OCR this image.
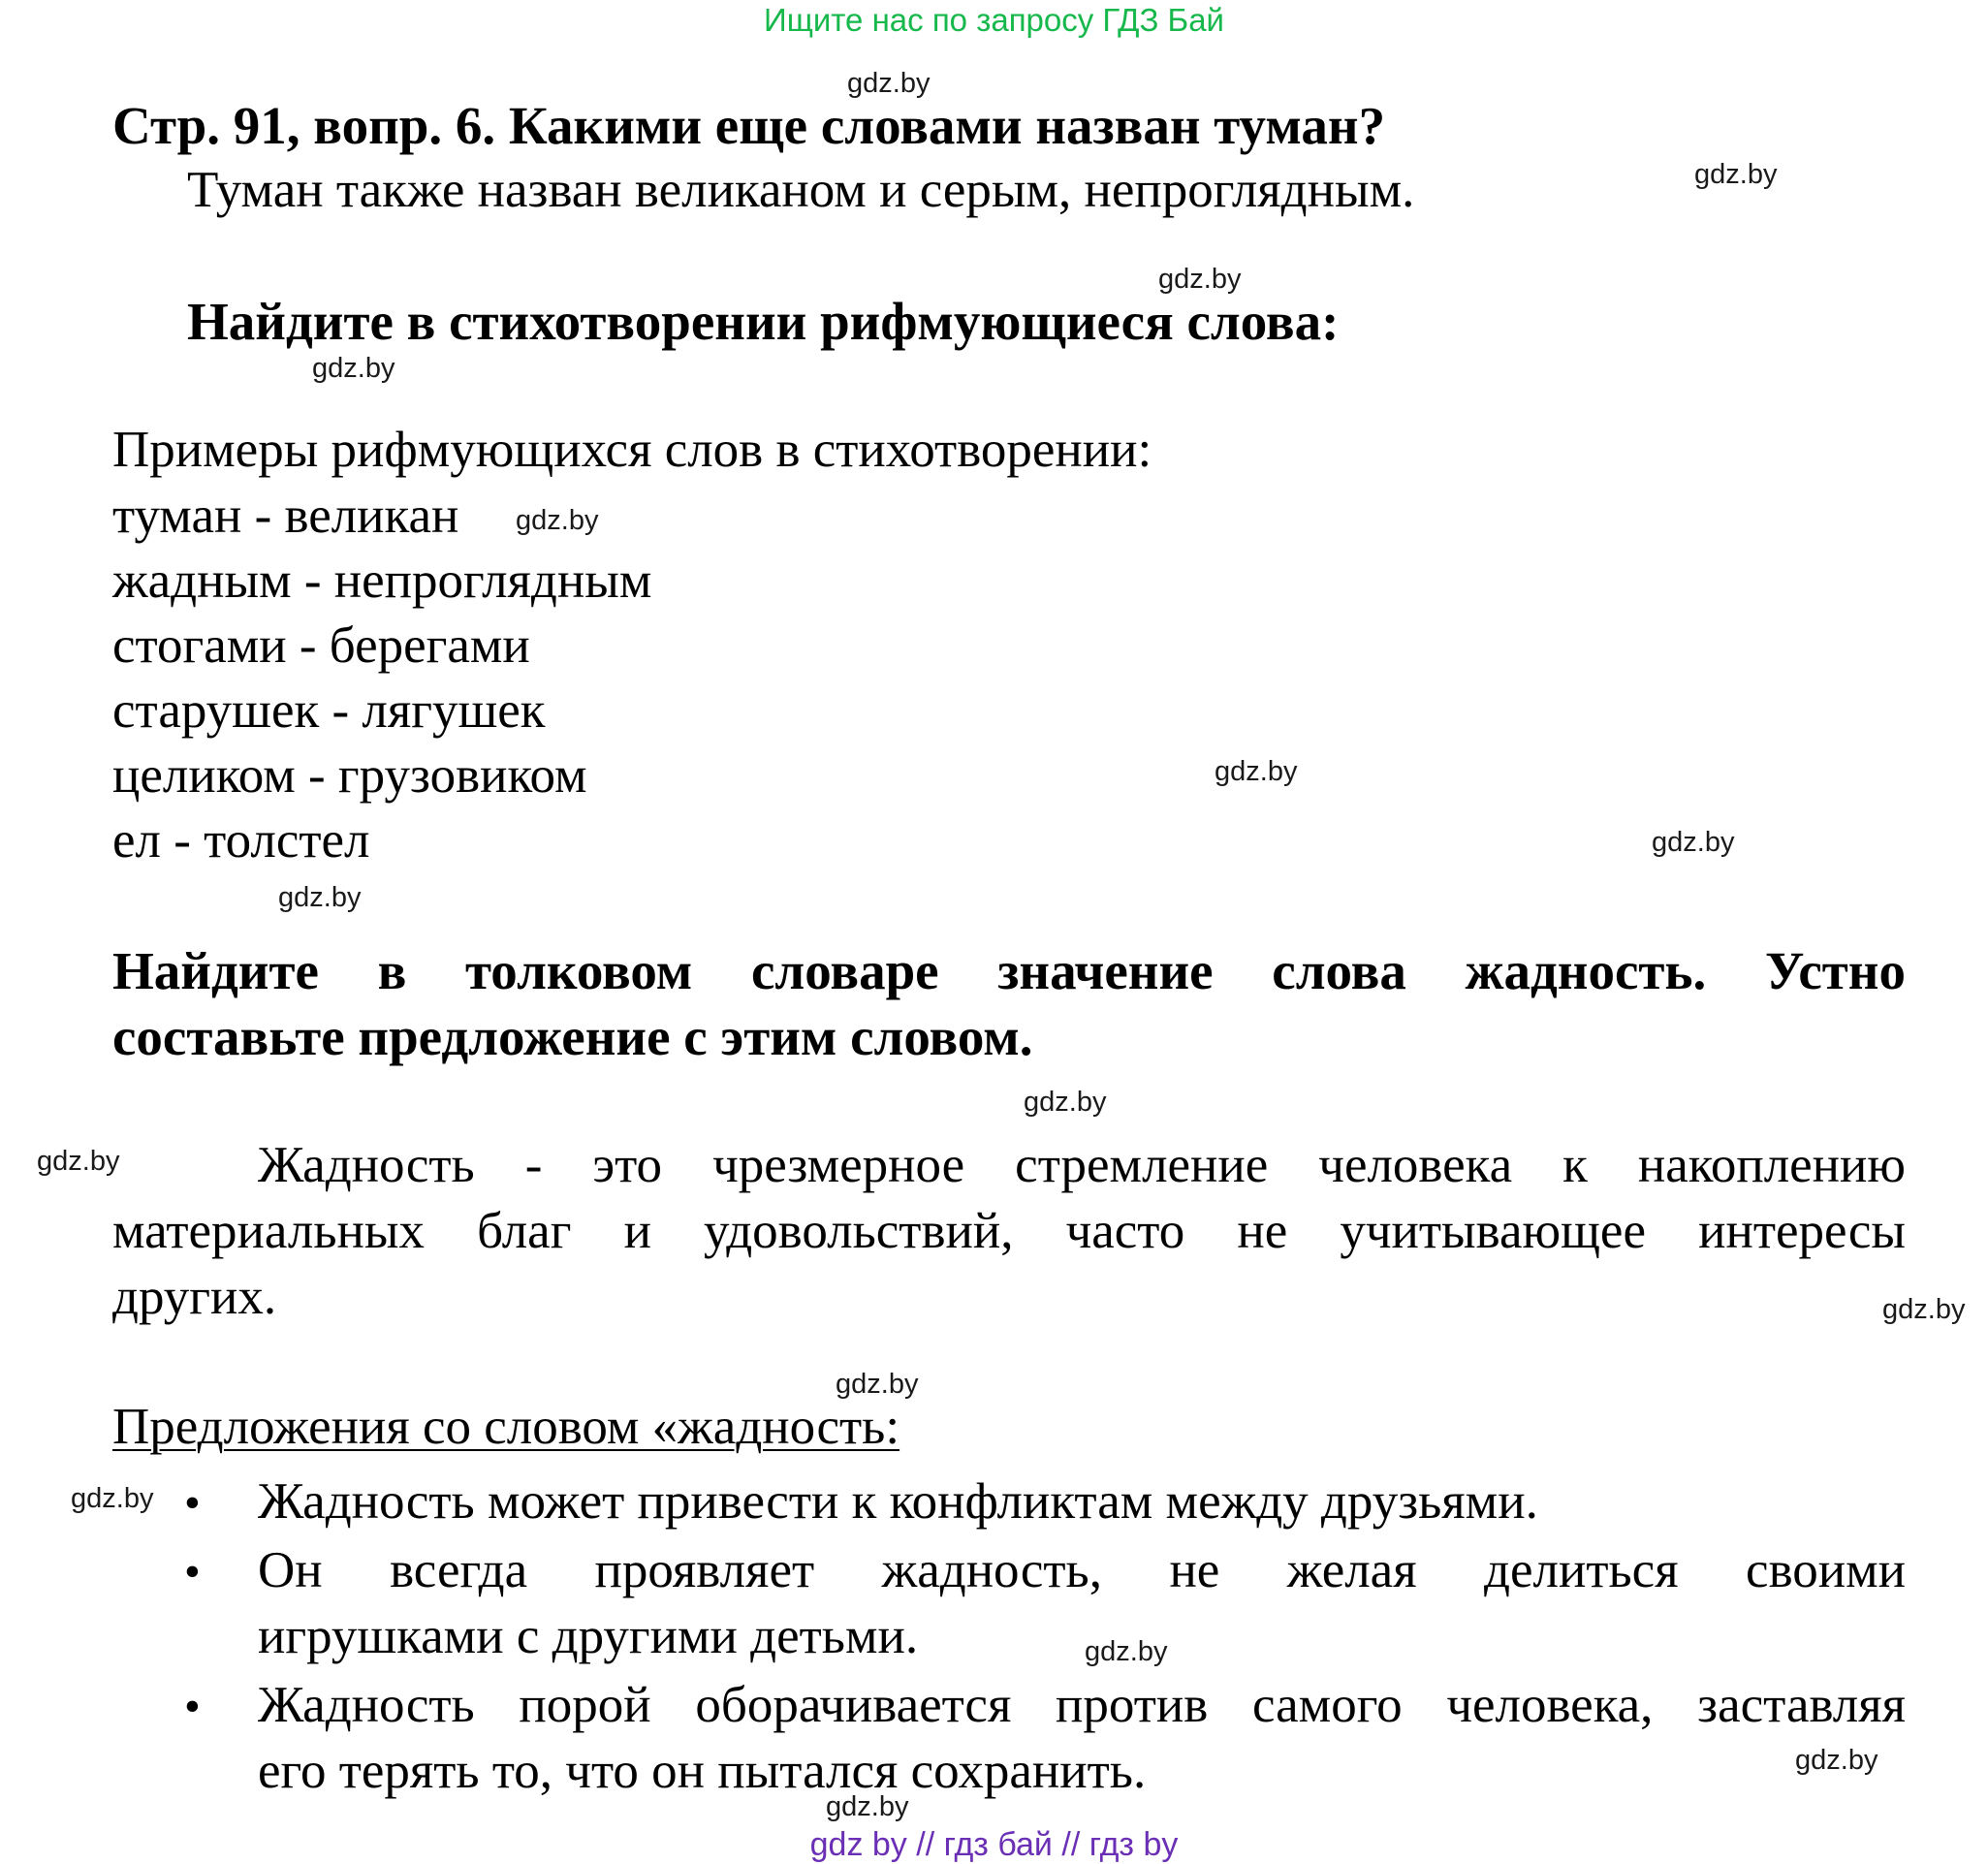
Ищите нас по запросу ГДЗ Бай
gdz.by
gdz.by
gdz.by
gdz.by
gdz.by
gdz.by
gdz.by
gdz.by
gdz.by
gdz.by
gdz.by
gdz.by
gdz.by
gdz.by
gdz.by
gdz.by
Стр. 91, вопр. 6. Какими еще словами назван туман?
Туман также назван великаном и серым, непроглядным.
Найдите в стихотворении рифмующиеся слова:
Примеры рифмующихся слов в стихотворении:
туман - великан
жадным - непроглядным
стогами - берегами
старушек - лягушек
целиком - грузовиком
ел - толстел
Найдите в толковом словаре значение слова жадность. Устно
составьте предложение с этим словом.
Жадность - это чрезмерное стремление человека к накоплению
материальных благ и удовольствий, часто не учитывающее интересы
других.
Предложения со словом «жадность:
• Жадность может привести к конфликтам между друзьями.
• Он всегда проявляет жадность, не желая делиться своими
игрушками с другими детьми.
• Жадность порой оборачивается против самого человека, заставляя
его терять то, что он пытался сохранить.
gdz by // гдз бай // гдз by
